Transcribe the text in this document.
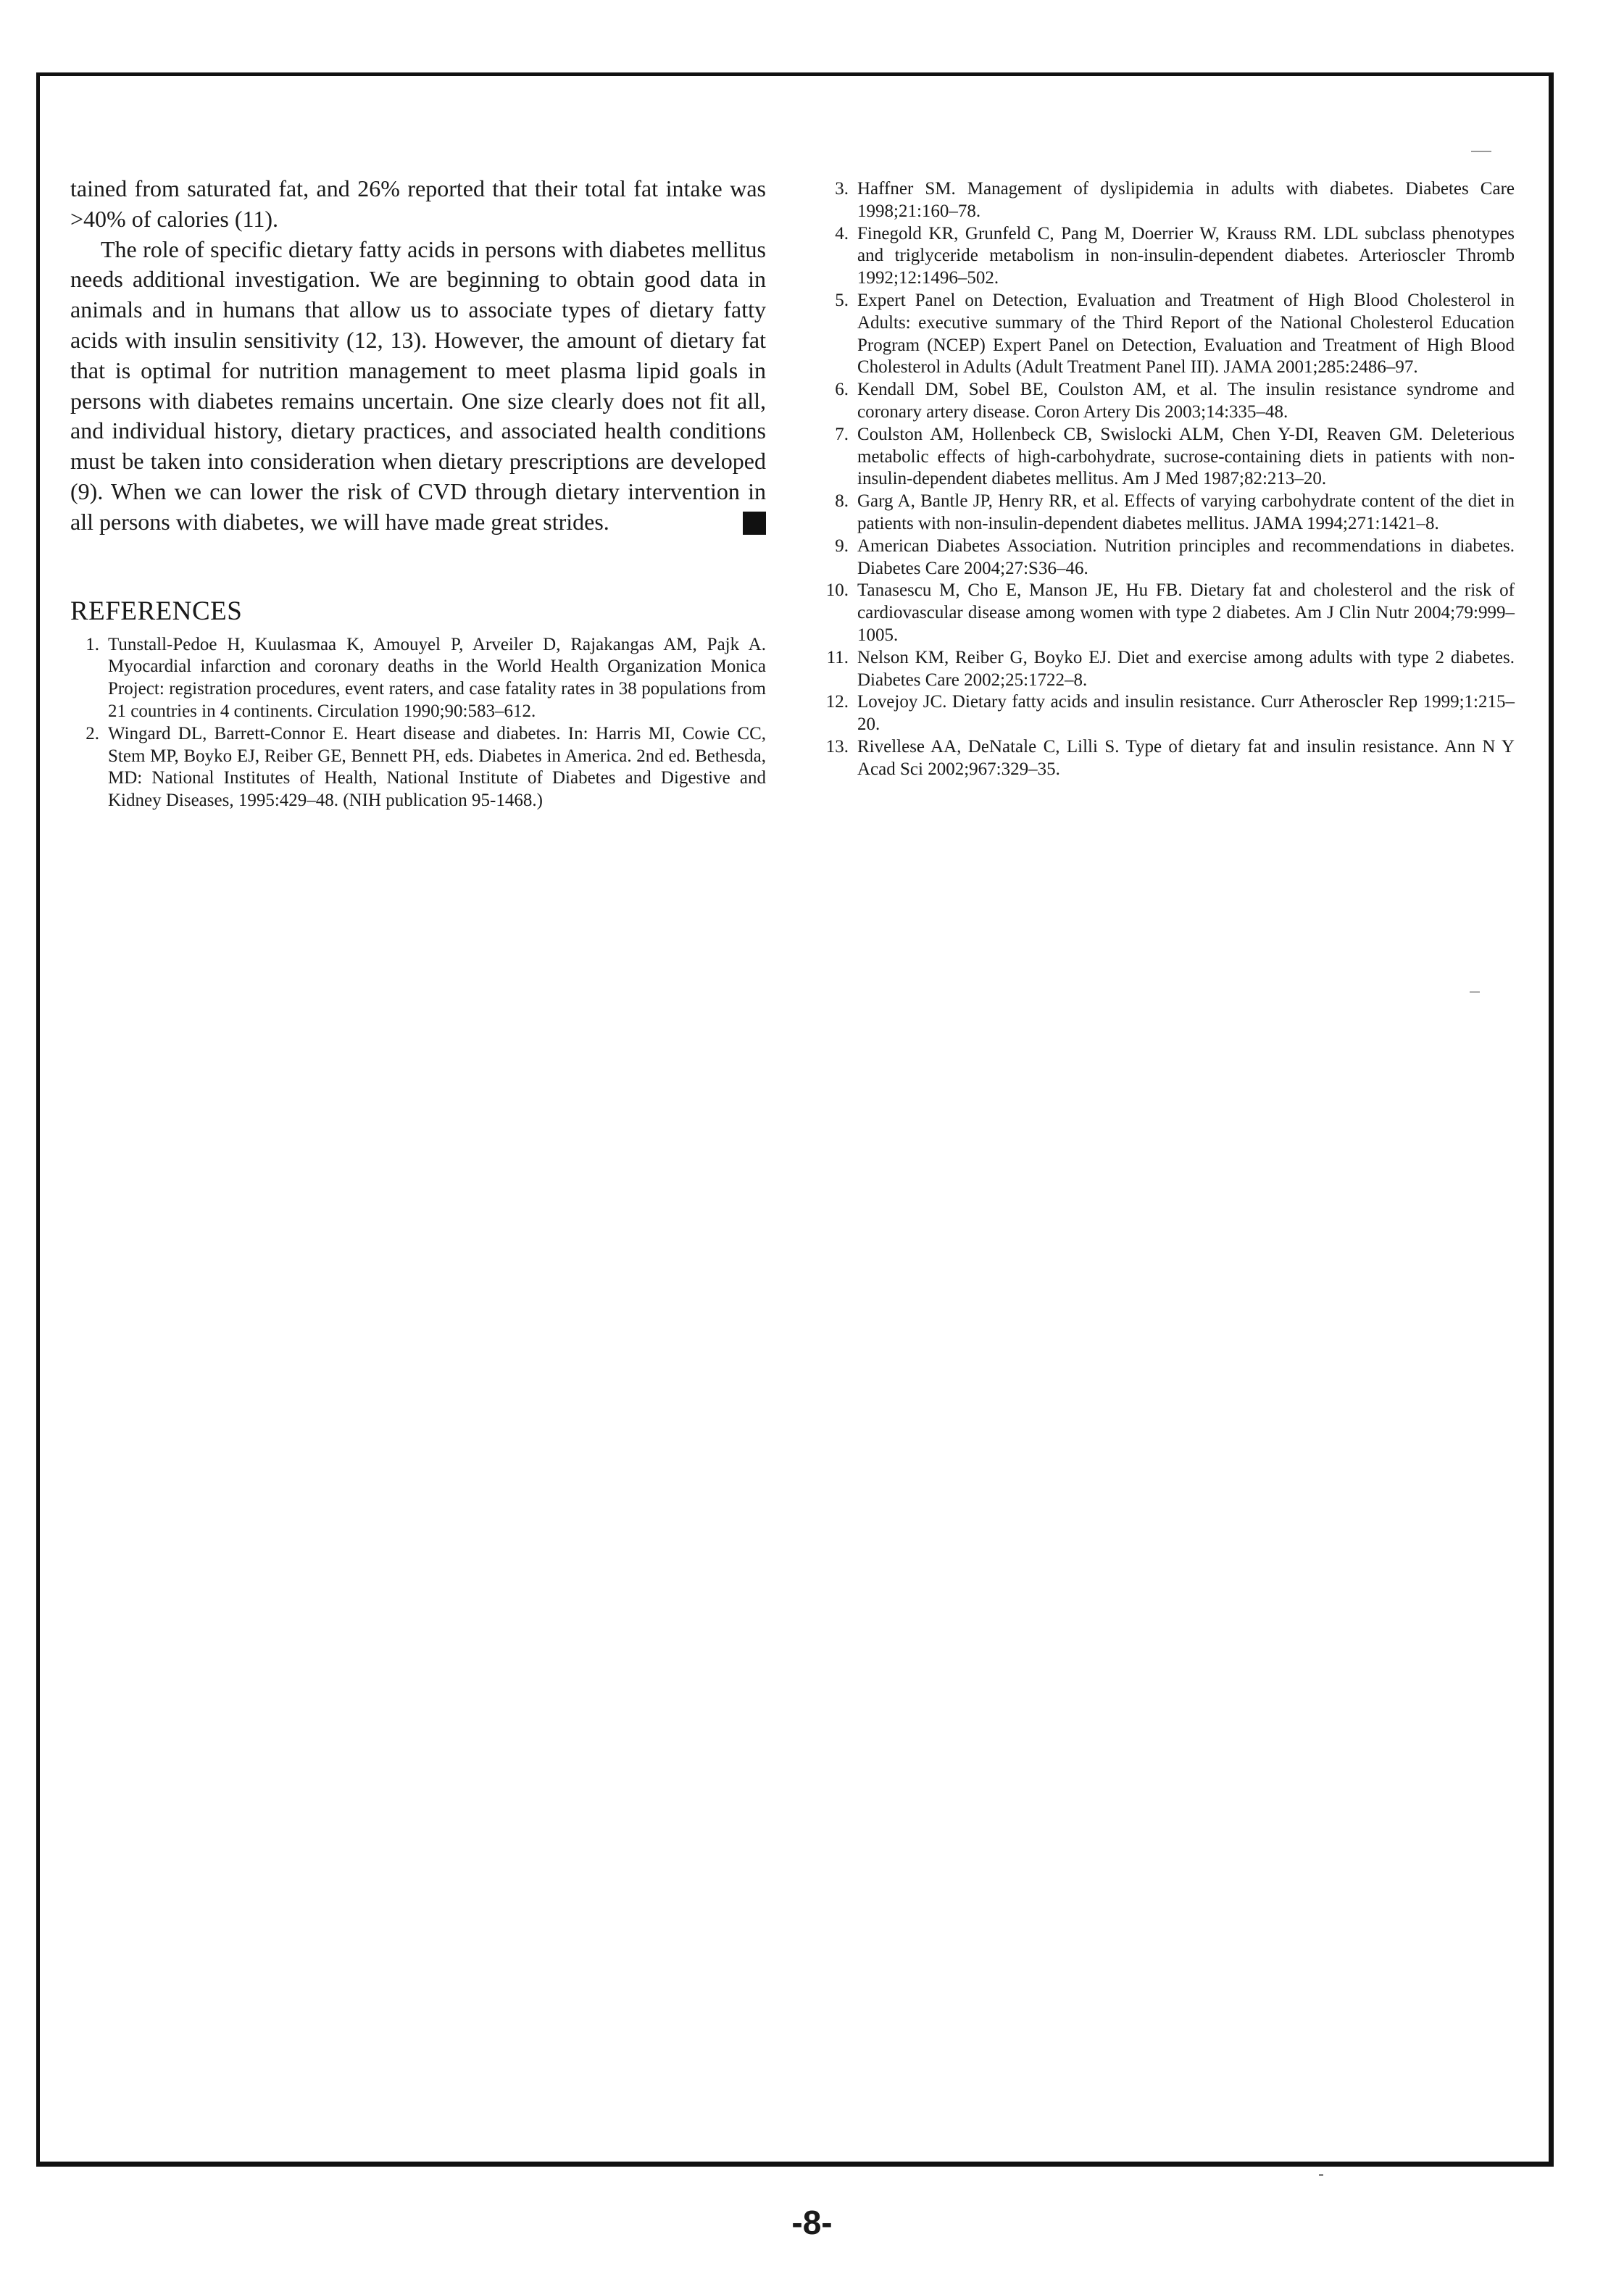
tained from saturated fat, and 26% reported that their total fat intake was >40% of calories (11).

The role of specific dietary fatty acids in persons with diabetes mellitus needs additional investigation. We are beginning to obtain good data in animals and in humans that allow us to associate types of dietary fatty acids with insulin sensitivity (12, 13). However, the amount of dietary fat that is optimal for nutrition management to meet plasma lipid goals in persons with diabetes remains uncertain. One size clearly does not fit all, and individual history, dietary practices, and associated health conditions must be taken into consideration when dietary prescriptions are developed (9). When we can lower the risk of CVD through dietary intervention in all persons with diabetes, we will have made great strides.	✠

REFERENCES
1. Tunstall-Pedoe H, Kuulasmaa K, Amouyel P, Arveiler D, Rajakangas AM, Pajk A. Myocardial infarction and coronary deaths in the World Health Organization Monica Project: registration procedures, event raters, and case fatality rates in 38 populations from 21 countries in 4 continents. Circulation 1990;90:583–612.
2. Wingard DL, Barrett-Connor E. Heart disease and diabetes. In: Harris MI, Cowie CC, Stem MP, Boyko EJ, Reiber GE, Bennett PH, eds. Diabetes in America. 2nd ed. Bethesda, MD: National Institutes of Health, National Institute of Diabetes and Digestive and Kidney Diseases, 1995:429–48. (NIH publication 95-1468.)
3. Haffner SM. Management of dyslipidemia in adults with diabetes. Diabetes Care 1998;21:160–78.
4. Finegold KR, Grunfeld C, Pang M, Doerrier W, Krauss RM. LDL subclass phenotypes and triglyceride metabolism in non-insulin-dependent diabetes. Arterioscler Thromb 1992;12:1496–502.
5. Expert Panel on Detection, Evaluation and Treatment of High Blood Cholesterol in Adults: executive summary of the Third Report of the National Cholesterol Education Program (NCEP) Expert Panel on Detection, Evaluation and Treatment of High Blood Cholesterol in Adults (Adult Treatment Panel III). JAMA 2001;285:2486–97.
6. Kendall DM, Sobel BE, Coulston AM, et al. The insulin resistance syndrome and coronary artery disease. Coron Artery Dis 2003;14:335–48.
7. Coulston AM, Hollenbeck CB, Swislocki ALM, Chen Y-DI, Reaven GM. Deleterious metabolic effects of high-carbohydrate, sucrose-containing diets in patients with non-insulin-dependent diabetes mellitus. Am J Med 1987;82:213–20.
8. Garg A, Bantle JP, Henry RR, et al. Effects of varying carbohydrate content of the diet in patients with non-insulin-dependent diabetes mellitus. JAMA 1994;271:1421–8.
9. American Diabetes Association. Nutrition principles and recommendations in diabetes. Diabetes Care 2004;27:S36–46.
10. Tanasescu M, Cho E, Manson JE, Hu FB. Dietary fat and cholesterol and the risk of cardiovascular disease among women with type 2 diabetes. Am J Clin Nutr 2004;79:999–1005.
11. Nelson KM, Reiber G, Boyko EJ. Diet and exercise among adults with type 2 diabetes. Diabetes Care 2002;25:1722–8.
12. Lovejoy JC. Dietary fatty acids and insulin resistance. Curr Atheroscler Rep 1999;1:215–20.
13. Rivellese AA, DeNatale C, Lilli S. Type of dietary fat and insulin resistance. Ann N Y Acad Sci 2002;967:329–35.
-8-
